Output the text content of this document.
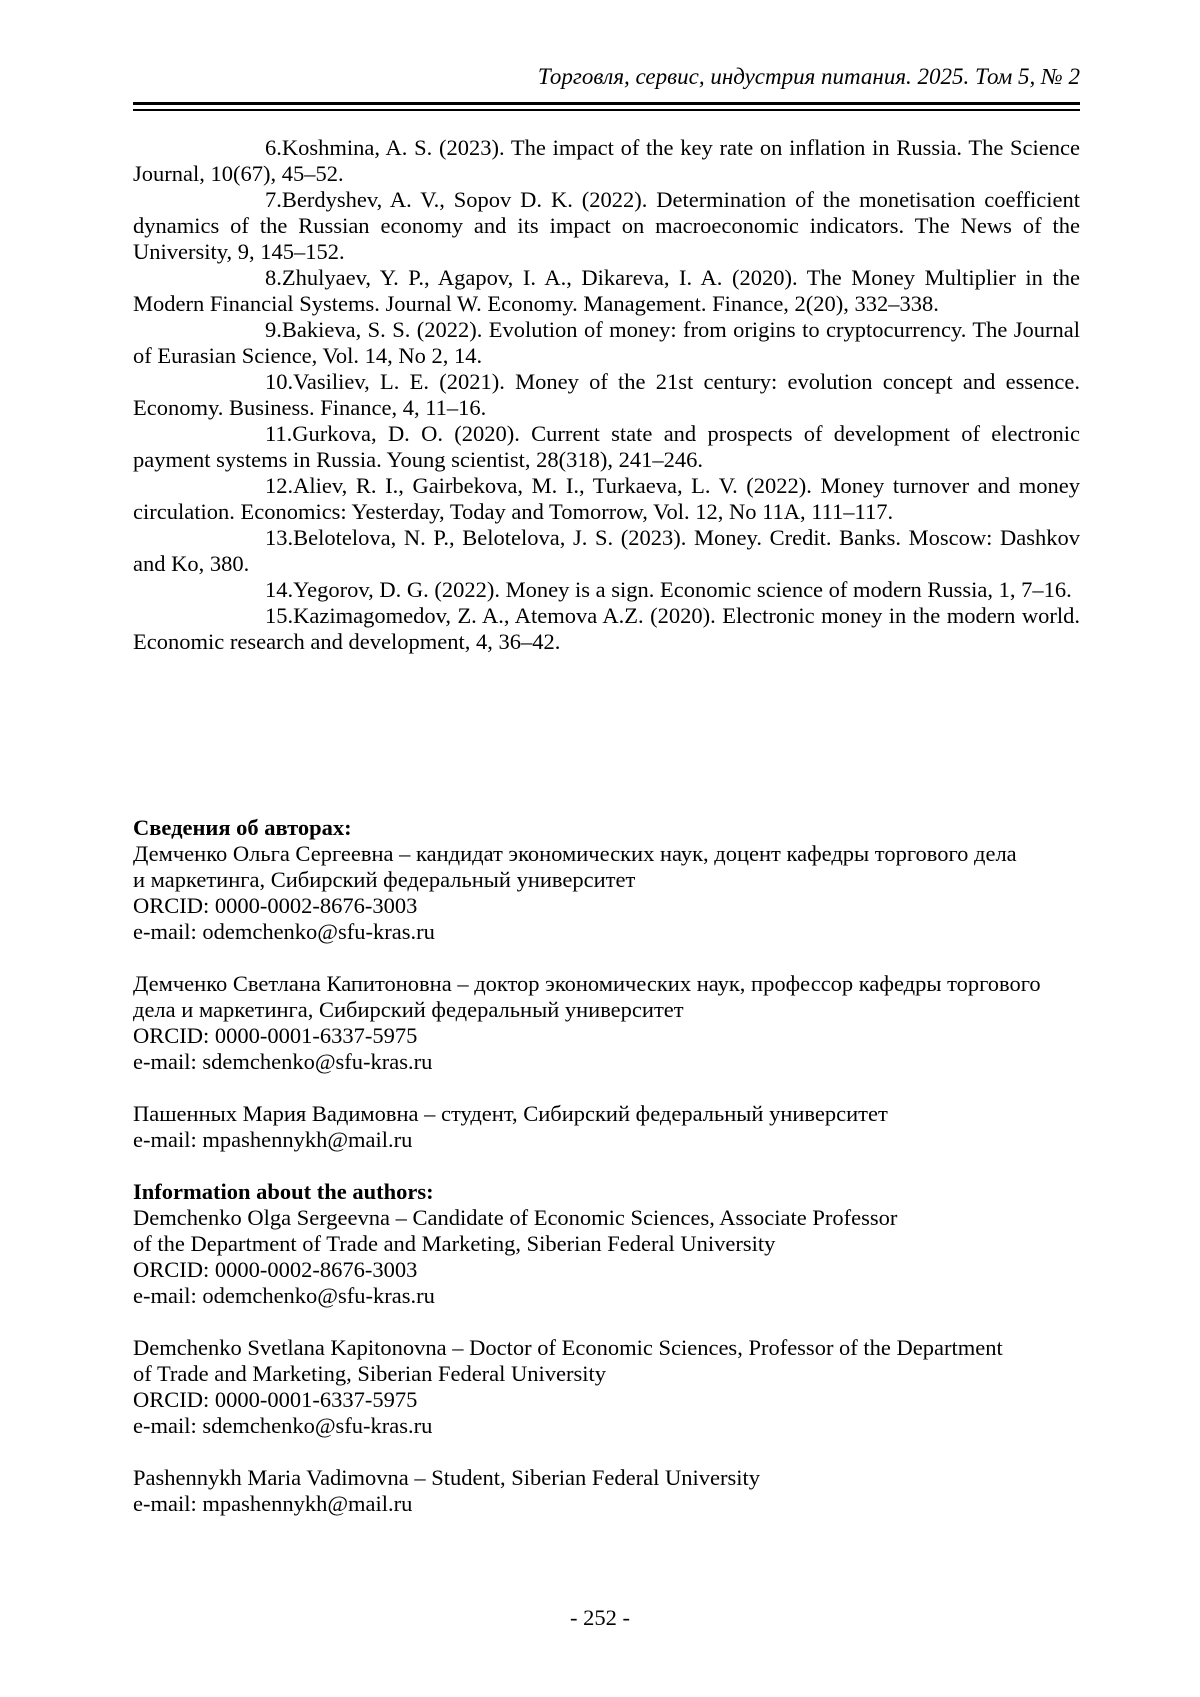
Торговля, сервис, индустрия питания. 2025. Том 5, № 2

6.Koshmina, A. S. (2023). The impact of the key rate on inflation in Russia. The Science Journal, 10(67), 45–52.

7.Berdyshev, A. V., Sopov D. K. (2022). Determination of the monetisation coefficient dynamics of the Russian economy and its impact on macroeconomic indicators. The News of the University, 9, 145–152.

8.Zhulyaev, Y. P., Agapov, I. A., Dikareva, I. A. (2020). The Money Multiplier in the Modern Financial Systems. Journal W. Economy. Management. Finance, 2(20), 332–338.

9.Bakieva, S. S. (2022). Evolution of money: from origins to cryptocurrency. The Journal of Eurasian Science, Vol. 14, No 2, 14.

10.Vasiliev, L. E. (2021). Money of the 21st century: evolution concept and essence. Economy. Business. Finance, 4, 11–16.

11.Gurkova, D. O. (2020). Current state and prospects of development of electronic payment systems in Russia. Young scientist, 28(318), 241–246.

12.Aliev, R. I., Gairbekova, M. I., Turkaeva, L. V. (2022). Money turnover and money circulation. Economics: Yesterday, Today and Tomorrow, Vol. 12, No 11A, 111–117.

13.Belotelova, N. P., Belotelova, J. S. (2023). Money. Credit. Banks. Moscow: Dashkov and Ko, 380.

14.Yegorov, D. G. (2022). Money is a sign. Economic science of modern Russia, 1, 7–16.

15.Kazimagomedov, Z. A., Atemova A.Z. (2020). Electronic money in the modern world. Economic research and development, 4, 36–42.

Сведения об авторах:

Демченко Ольга Сергеевна – кандидат экономических наук, доцент кафедры торгового дела

и маркетинга, Сибирский федеральный университет

ORCID: 0000-0002-8676-3003

e-mail: odemchenko@sfu-kras.ru

Демченко Светлана Капитоновна – доктор экономических наук, профессор кафедры торгового

дела и маркетинга, Сибирский федеральный университет

ORCID: 0000-0001-6337-5975

e-mail: sdemchenko@sfu-kras.ru

Пашенных Мария Вадимовна – студент, Сибирский федеральный университет

e-mail: mpashennykh@mail.ru

Information about the authors:

Demchenko Olga Sergeevna – Candidate of Economic Sciences, Associate Professor

of the Department of Trade and Marketing, Siberian Federal University

ORCID: 0000-0002-8676-3003

e-mail: odemchenko@sfu-kras.ru

Demchenko Svetlana Kapitonovna – Doctor of Economic Sciences, Professor of the Department

of Trade and Marketing, Siberian Federal University

ORCID: 0000-0001-6337-5975

e-mail: sdemchenko@sfu-kras.ru

Pashennykh Maria Vadimovna – Student, Siberian Federal University

e-mail: mpashennykh@mail.ru

- 252 -
